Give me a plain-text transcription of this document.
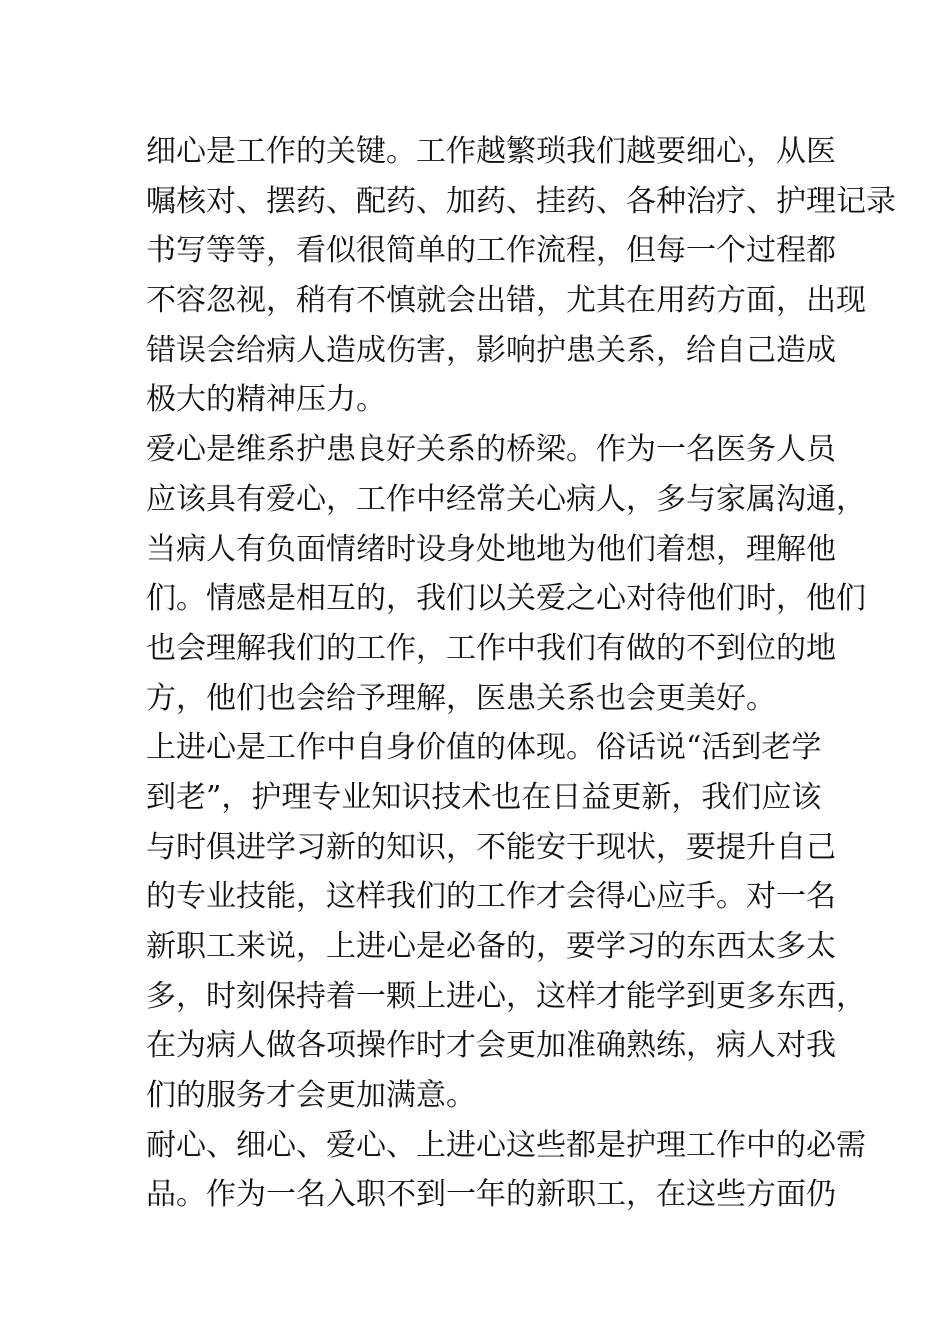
细心是工作的关键。工作越繁琐我们越要细心，从医
嘱核对、摆药、配药、加药、挂药、各种治疗、护理记录
书写等等，看似很简单的工作流程，但每一个过程都
不容忽视，稍有不慎就会出错，尤其在用药方面，出现
错误会给病人造成伤害，影响护患关系，给自己造成
极大的精神压力。
爱心是维系护患良好关系的桥梁。作为一名医务人员
应该具有爱心，工作中经常关心病人，多与家属沟通，
当病人有负面情绪时设身处地地为他们着想，理解他
们。情感是相互的，我们以关爱之心对待他们时，他们
也会理解我们的工作，工作中我们有做的不到位的地
方，他们也会给予理解，医患关系也会更美好。
上进心是工作中自身价值的体现。俗话说“活到老学
到老”，护理专业知识技术也在日益更新，我们应该
与时俱进学习新的知识，不能安于现状，要提升自己
的专业技能，这样我们的工作才会得心应手。对一名
新职工来说，上进心是必备的，要学习的东西太多太
多，时刻保持着一颗上进心，这样才能学到更多东西，
在为病人做各项操作时才会更加准确熟练，病人对我
们的服务才会更加满意。
耐心、细心、爱心、上进心这些都是护理工作中的必需
品。作为一名入职不到一年的新职工，在这些方面仍
